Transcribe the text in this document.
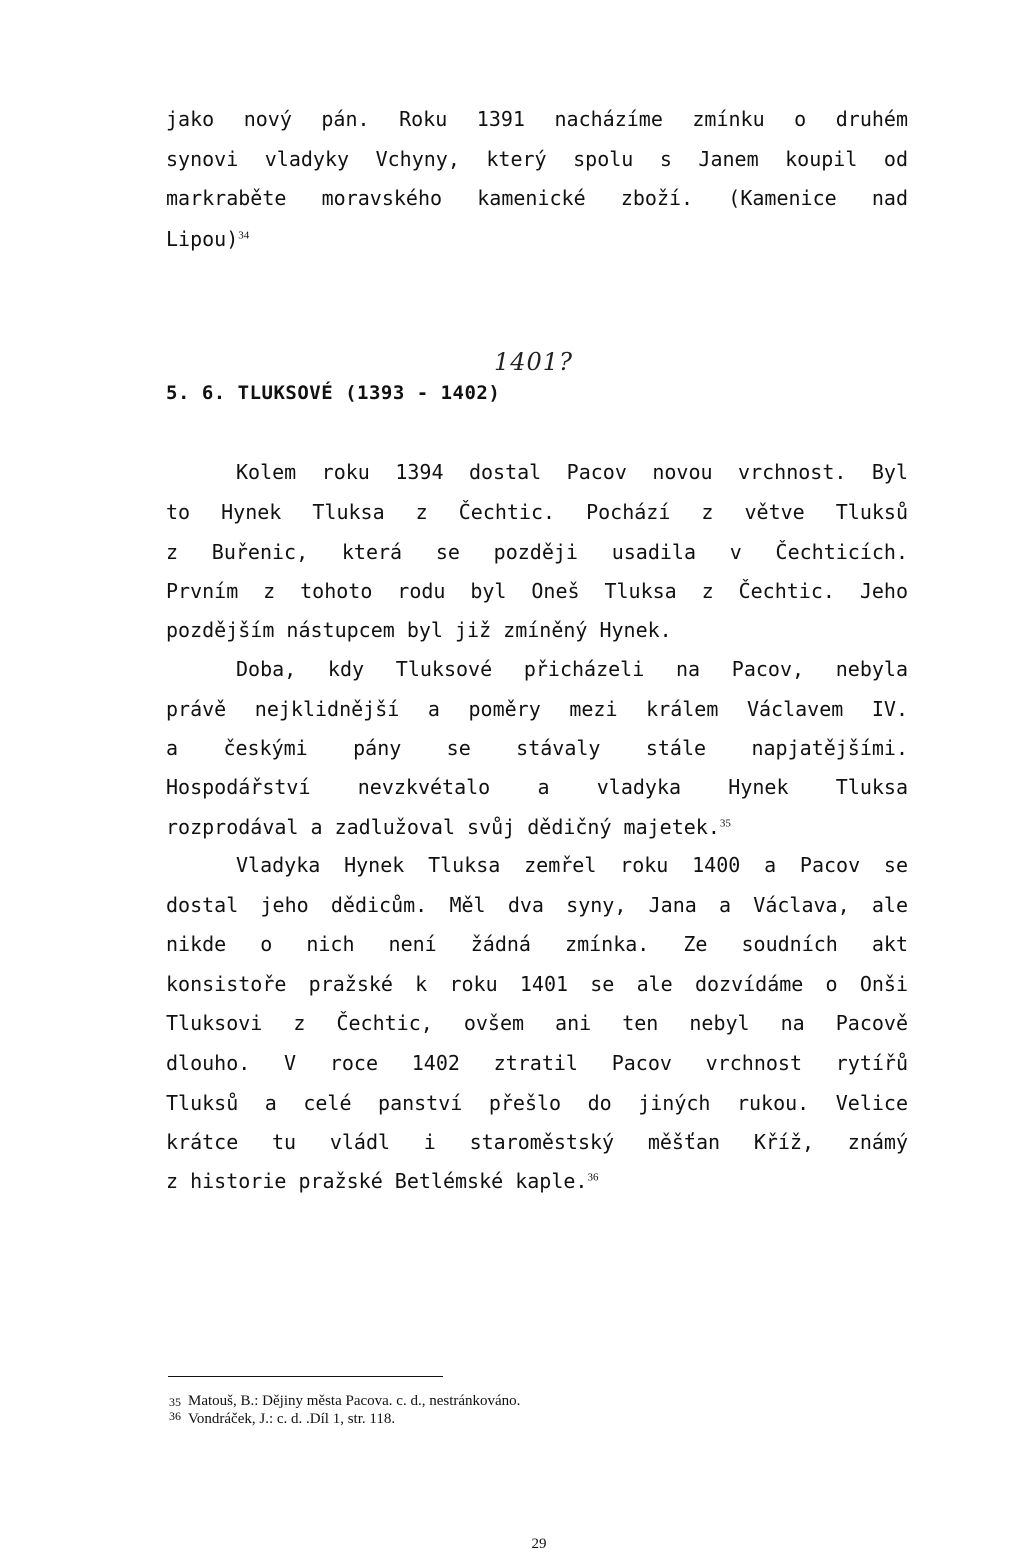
jako nový pán. Roku 1391 nacházíme zmínku o druhém
synovi vladyky Vchyny, který spolu s Janem koupil od
markraběte moravského kamenické zboží. (Kamenice nad
Lipou)$^{34}$
1401?
5. 6. TLUKSOVÉ (1393 - 1402)
Kolem roku 1394 dostal Pacov novou vrchnost. Byl
to Hynek Tluksa z Čechtic. Pochází z větve Tluksů
z Buřenic, která se později usadila v Čechticích.
Prvním z tohoto rodu byl Oneš Tluksa z Čechtic. Jeho
pozdějším nástupcem byl již zmíněný Hynek.
Doba, kdy Tluksové přicházeli na Pacov, nebyla
právě nejklidnější a poměry mezi králem Václavem IV.
a českými pány se stávaly stále napjatějšími.
Hospodářství nevzkvétalo a vladyka Hynek Tluksa
rozprodával a zadlužoval svůj dědičný majetek.$^{35}$
Vladyka Hynek Tluksa zemřel roku 1400 a Pacov se
dostal jeho dědicům. Měl dva syny, Jana a Václava, ale
nikde o nich není žádná zmínka. Ze soudních akt
konsistoře pražské k roku 1401 se ale dozvídáme o Onši
Tluksovi z Čechtic, ovšem ani ten nebyl na Pacově
dlouho. V roce 1402 ztratil Pacov vrchnost rytířů
Tluksů a celé panství přešlo do jiných rukou. Velice
krátce tu vládl i staroměstský měšťan Kříž, známý
z historie pražské Betlémské kaple.$^{36}$
35 Matouš, B.: Dějiny města Pacova. c. d., nestránkováno.
36 Vondráček, J.: c. d. .Díl 1, str. 118.
29
